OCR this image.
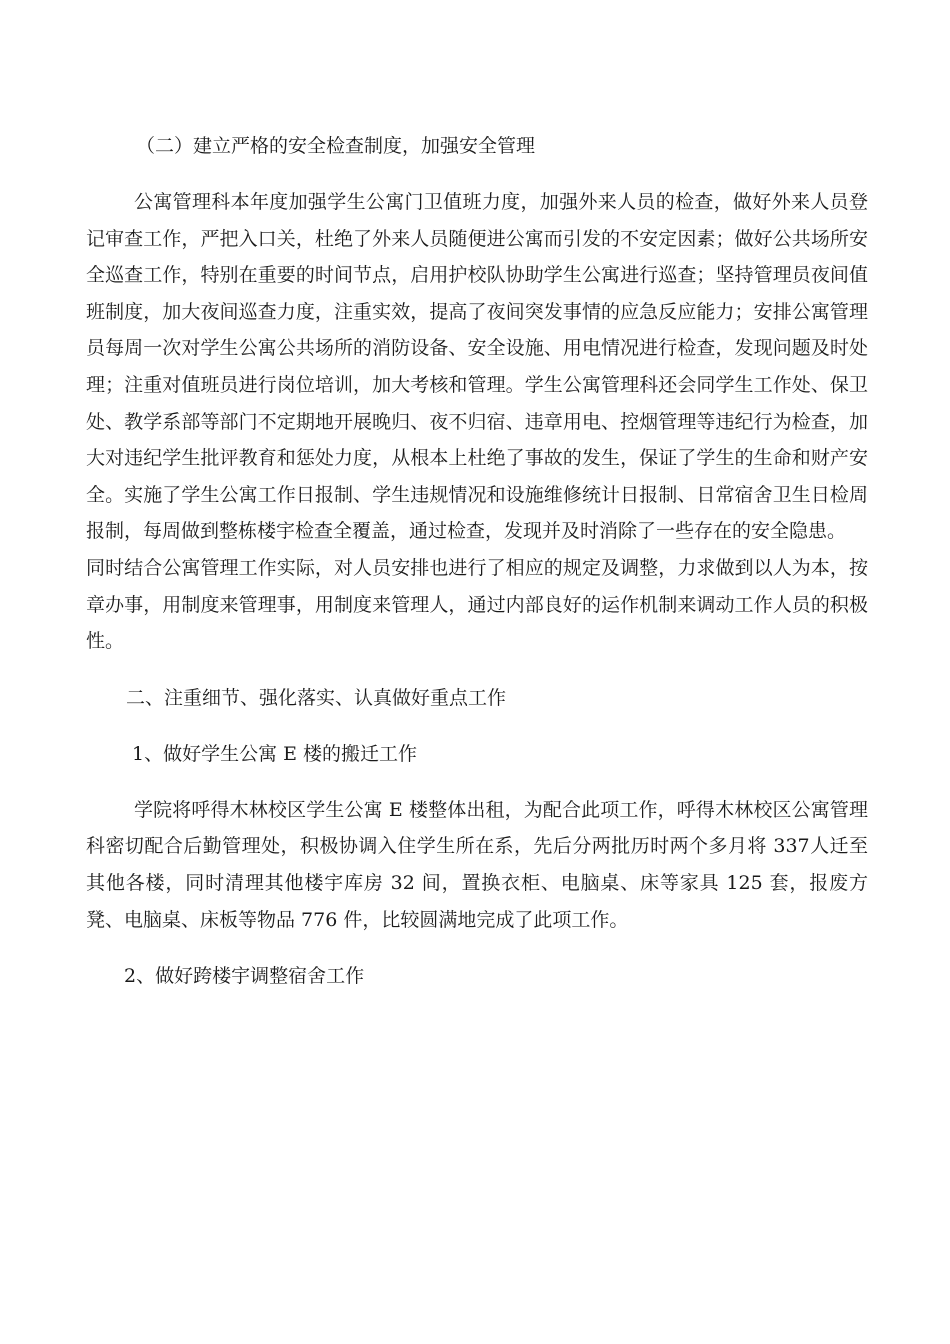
（二）建立严格的安全检查制度，加强安全管理

公寓管理科本年度加强学生公寓门卫值班力度，加强外来人员的检查，做好外来人员登记审查工作，严把入口关，杜绝了外来人员随便进公寓而引发的不安定因素；做好公共场所安全巡查工作，特别在重要的时间节点，启用护校队协助学生公寓进行巡查；坚持管理员夜间值班制度，加大夜间巡查力度，注重实效，提高了夜间突发事情的应急反应能力；安排公寓管理员每周一次对学生公寓公共场所的消防设备、安全设施、用电情况进行检查，发现问题及时处理；注重对值班员进行岗位培训，加大考核和管理。学生公寓管理科还会同学生工作处、保卫处、教学系部等部门不定期地开展晚归、夜不归宿、违章用电、控烟管理等违纪行为检查，加大对违纪学生批评教育和惩处力度，从根本上杜绝了事故的发生，保证了学生的生命和财产安全。实施了学生公寓工作日报制、学生违规情况和设施维修统计日报制、日常宿舍卫生日检周报制，每周做到整栋楼宇检查全覆盖，通过检查，发现并及时消除了一些存在的安全隐患。

同时结合公寓管理工作实际，对人员安排也进行了相应的规定及调整，力求做到以人为本，按章办事，用制度来管理事，用制度来管理人，通过内部良好的运作机制来调动工作人员的积极性。

二、注重细节、强化落实、认真做好重点工作

1、做好学生公寓 E 楼的搬迁工作

学院将呼得木林校区学生公寓 E 楼整体出租，为配合此项工作，呼得木林校区公寓管理科密切配合后勤管理处，积极协调入住学生所在系，先后分两批历时两个多月将 337人迁至其他各楼，同时清理其他楼宇库房 32 间，置换衣柜、电脑桌、床等家具 125 套，报废方凳、电脑桌、床板等物品 776 件，比较圆满地完成了此项工作。

2、做好跨楼宇调整宿舍工作
